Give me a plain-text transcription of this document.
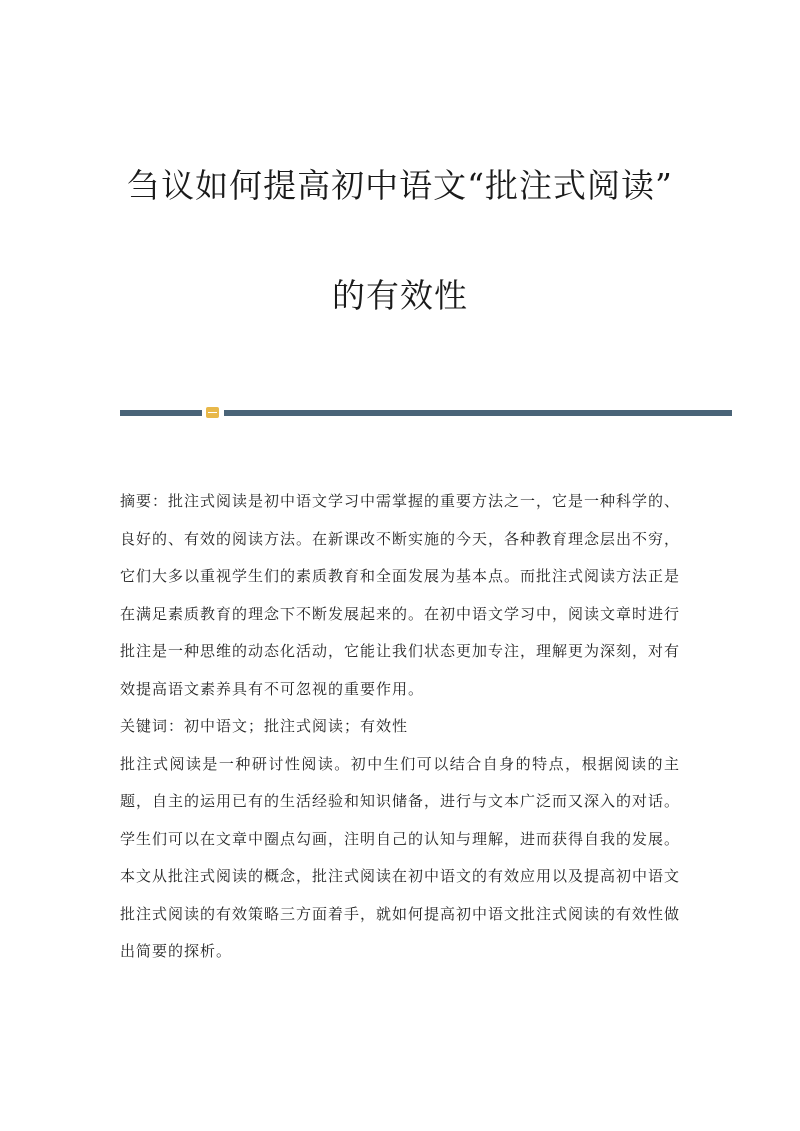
刍议如何提高初中语文“批注式阅读”
的有效性

摘要：批注式阅读是初中语文学习中需掌握的重要方法之一，它是一种科学的、良好的、有效的阅读方法。在新课改不断实施的今天，各种教育理念层出不穷，它们大多以重视学生们的素质教育和全面发展为基本点。而批注式阅读方法正是在满足素质教育的理念下不断发展起来的。在初中语文学习中，阅读文章时进行批注是一种思维的动态化活动，它能让我们状态更加专注，理解更为深刻，对有效提高语文素养具有不可忽视的重要作用。

关键词：初中语文；批注式阅读；有效性

批注式阅读是一种研讨性阅读。初中生们可以结合自身的特点，根据阅读的主题，自主的运用已有的生活经验和知识储备，进行与文本广泛而又深入的对话。学生们可以在文章中圈点勾画，注明自己的认知与理解，进而获得自我的发展。本文从批注式阅读的概念，批注式阅读在初中语文的有效应用以及提高初中语文批注式阅读的有效策略三方面着手，就如何提高初中语文批注式阅读的有效性做出简要的探析。
